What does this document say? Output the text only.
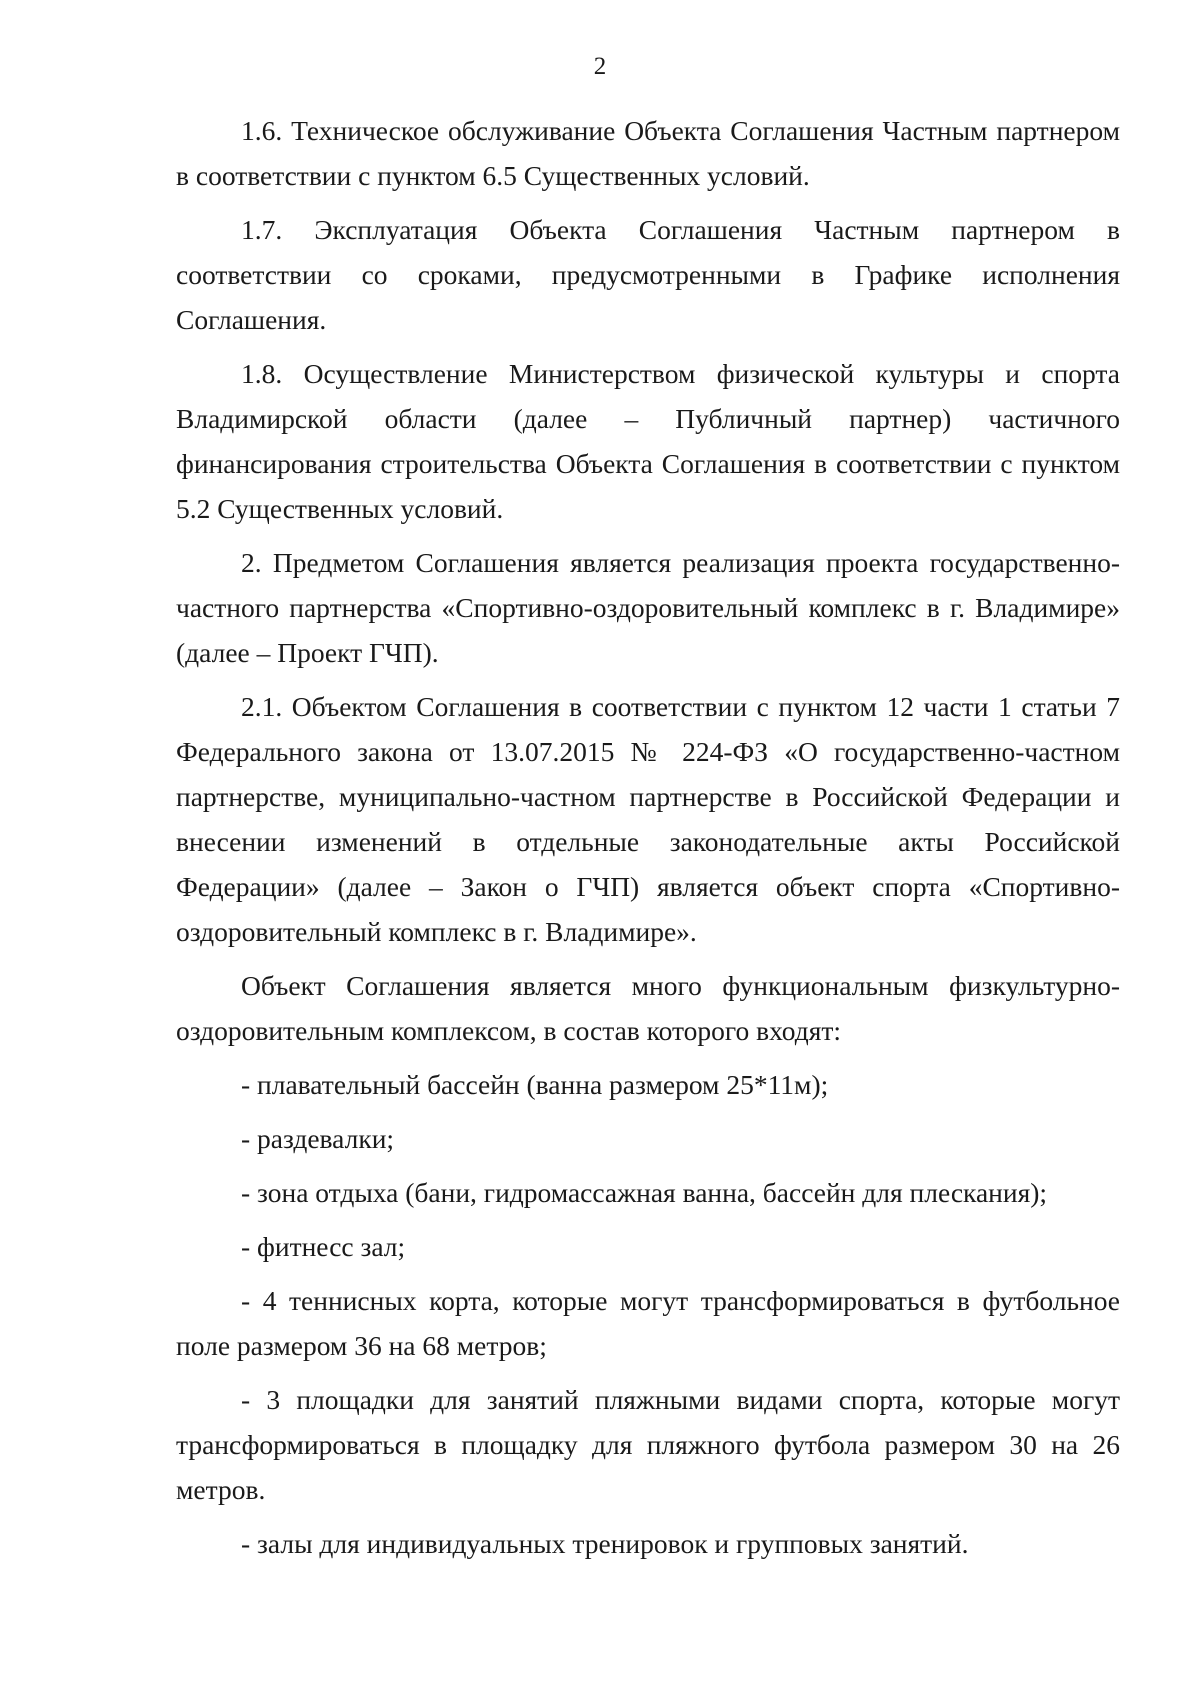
2

1.6. Техническое обслуживание Объекта Соглашения Частным партнером в соответствии с пунктом 6.5 Существенных условий.

1.7. Эксплуатация Объекта Соглашения Частным партнером в соответствии со сроками, предусмотренными в Графике исполнения Соглашения.

1.8. Осуществление Министерством физической культуры и спорта Владимирской области (далее – Публичный партнер) частичного финансирования строительства Объекта Соглашения в соответствии с пунктом 5.2 Существенных условий.

2. Предметом Соглашения является реализация проекта государственно-частного партнерства «Спортивно-оздоровительный комплекс в г. Владимире» (далее – Проект ГЧП).

2.1. Объектом Соглашения в соответствии с пунктом 12 части 1 статьи 7 Федерального закона от 13.07.2015 № 224-ФЗ «О государственно-частном партнерстве, муниципально-частном партнерстве в Российской Федерации и внесении изменений в отдельные законодательные акты Российской Федерации» (далее – Закон о ГЧП) является объект спорта «Спортивно-оздоровительный комплекс в г. Владимире».

Объект Соглашения является много функциональным физкультурно-оздоровительным комплексом, в состав которого входят:

- плавательный бассейн (ванна размером 25*11м);

- раздевалки;

- зона отдыха (бани, гидромассажная ванна, бассейн для плескания);

- фитнесс зал;

- 4 теннисных корта, которые могут трансформироваться в футбольное поле размером 36 на 68 метров;

- 3 площадки для занятий пляжными видами спорта, которые могут трансформироваться в площадку для пляжного футбола размером 30 на 26 метров.

- залы для индивидуальных тренировок и групповых занятий.
